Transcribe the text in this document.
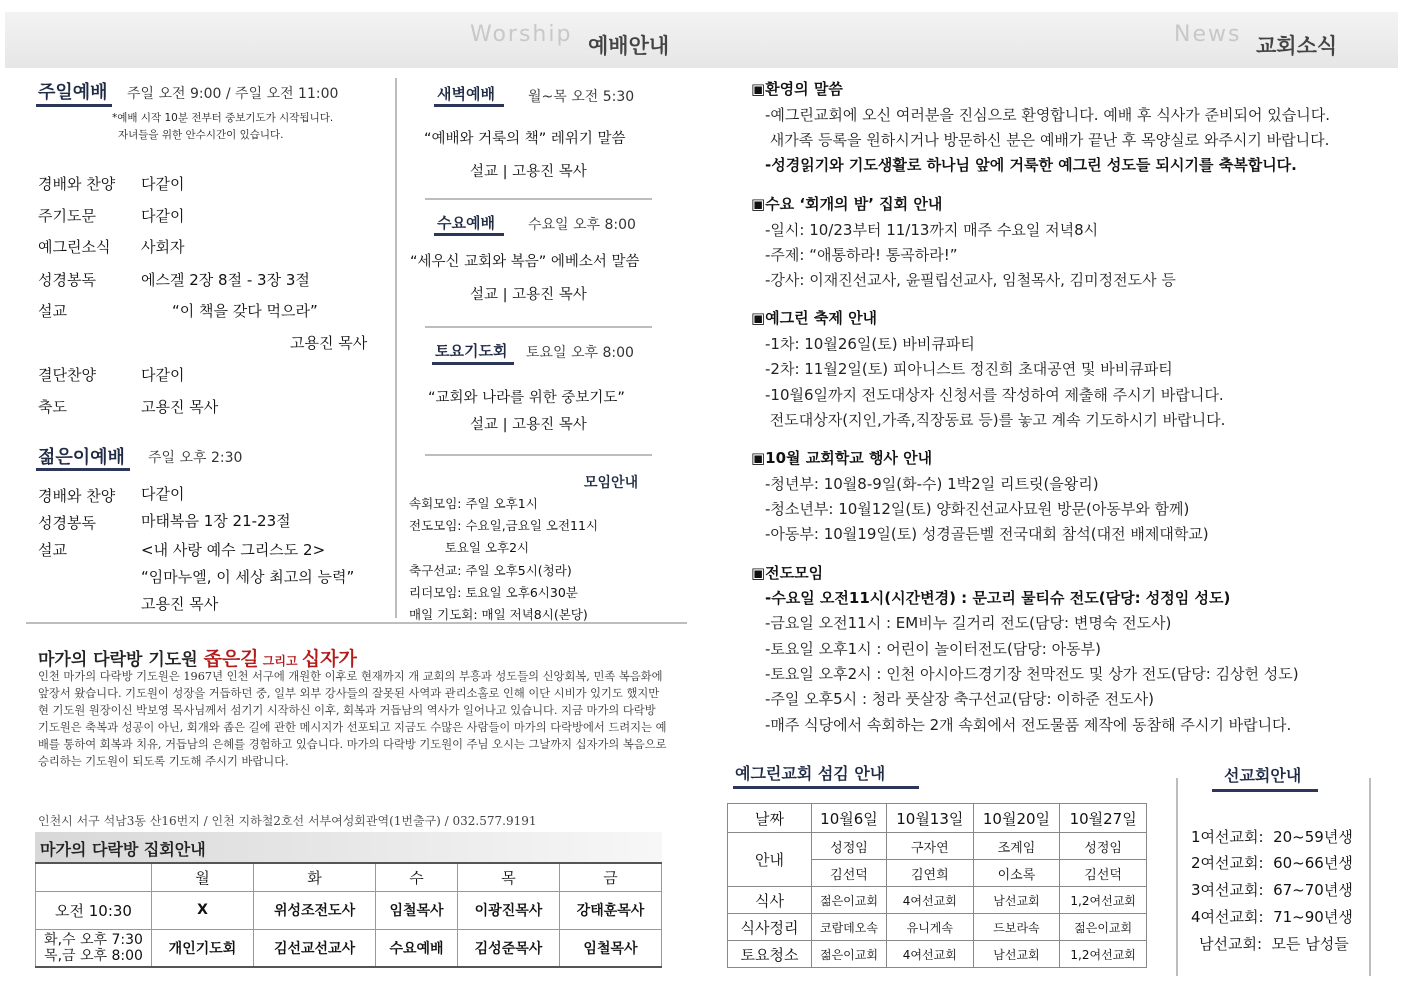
Worship 예배안내	News 교회소식
주일예배 주일 오전 9:00 / 주일 오전 11:00
*예배 시작 10분 전부터 중보기도가 시작됩니다.
자녀들을 위한 안수시간이 있습니다.
경배와 찬양 다같이
주기도문	다같이
예그린소식 사회자
성경봉독	에스겔 2장 8절 - 3장 3절
설교	“이 책을 갖다 먹으라”
고용진 목사
결단찬양	다같이
축도	고용진 목사
젊은이예배 주일 오후 2:30
경배와 찬양 다같이
성경봉독	마태복음 1장 21-23절
설교	<내 사랑 예수 그리스도 2>
“임마누엘, 이 세상 최고의 능력”
고용진 목사
새벽예배 월~목 오전 5:30
“예배와 거룩의 책” 레위기 말씀
설교 | 고용진 목사
수요예배 수요일 오후 8:00
“세우신 교회와 복음” 에베소서 말씀
설교 | 고용진 목사
토요기도회 토요일 오후 8:00
“교회와 나라를 위한 중보기도”
설교 | 고용진 목사
모임안내
속회모임: 주일 오후1시
전도모임: 수요일,금요일 오전11시
토요일 오후2시
축구선교: 주일 오후5시(청라)
리더모임: 토요일 오후6시30분
매일 기도회: 매일 저녁8시(본당)
마가의 다락방 기도원 좁은길 그리고 십자가
인천 마가의 다락방 기도원은 1967년 인천 서구에 개원한 이후로 현재까지 개 교회의 부흥과 성도들의 신앙회복, 민족 복음화에 앞장서 왔습니다. 기도원이 성장을 거듭하던 중, 일부 외부 강사들의 잘못된 사역과 관리소홀로 인해 이단 시비가 있기도 했지만 현 기도원 원장이신 박보영 목사님께서 섬기기 시작하신 이후, 회복과 거듭남의 역사가 일어나고 있습니다. 지금 마가의 다락방 기도원은 축복과 성공이 아닌, 회개와 좁은 길에 관한 메시지가 선포되고 지금도 수많은 사람들이 마가의 다락방에서 드려지는 예배를 통하여 회복과 치유, 거듭남의 은혜를 경험하고 있습니다. 마가의 다락방 기도원이 주님 오시는 그날까지 십자가의 복음으로 승리하는 기도원이 되도록 기도해 주시기 바랍니다.
인천시 서구 석남3동 산16번지 / 인천 지하철2호선 서부여성회관역(1번출구) / 032.577.9191
마가의 다락방 집회안내
	월	화	수	목	금
오전 10:30	X	위성조전도사	임철목사	이광진목사	강태훈목사

화,수 오후 7:30
목,금 오후 8:00	개인기도회	김선교선교사	수요예배	김성준목사	임철목사
▣환영의 말씀
-예그린교회에 오신 여러분을 진심으로 환영합니다. 예배 후 식사가 준비되어 있습니다.
새가족 등록을 원하시거나 방문하신 분은 예배가 끝난 후 목양실로 와주시기 바랍니다.
-성경읽기와 기도생활로 하나님 앞에 거룩한 예그린 성도들 되시기를 축복합니다.
▣수요 ‘회개의 밤’ 집회 안내
-일시: 10/23부터 11/13까지 매주 수요일 저녁8시
-주제: “애통하라! 통곡하라!”
-강사: 이재진선교사, 윤필립선교사, 임철목사, 김미정전도사 등
▣예그린 축제 안내
-1차: 10월26일(토) 바비큐파티
-2차: 11월2일(토) 피아니스트 정진희 초대공연 및 바비큐파티
-10월6일까지 전도대상자 신청서를 작성하여 제출해 주시기 바랍니다.
전도대상자(지인,가족,직장동료 등)를 놓고 계속 기도하시기 바랍니다.
▣10월 교회학교 행사 안내
-청년부: 10월8-9일(화-수) 1박2일 리트릿(을왕리)
-청소년부: 10월12일(토) 양화진선교사묘원 방문(아동부와 함께)
-아동부: 10월19일(토) 성경골든벨 전국대회 참석(대전 배제대학교)
▣전도모임
-수요일 오전11시(시간변경) : 문고리 물티슈 전도(담당: 성정임 성도)
-금요일 오전11시 : EM비누 길거리 전도(담당: 변명숙 전도사)
-토요일 오후1시 : 어린이 놀이터전도(담당: 아동부)
-토요일 오후2시 : 인천 아시아드경기장 천막전도 및 상가 전도(담당: 김상헌 성도)
-주일 오후5시 : 청라 풋살장 축구선교(담당: 이하준 전도사)
-매주 식당에서 속회하는 2개 속회에서 전도물품 제작에 동참해 주시기 바랍니다.
예그린교회 섬김 안내
날짜	10월6일	10월13일	10월20일	10월27일
안내	성정임	구자연	조계임	성정임
	김선덕	김연희	이소록	김선덕
식사	젊은이교회	4여선교회	남선교회	1,2여선교회
식사정리	코람데오속	유니게속	드보라속	젊은이교회
토요청소	젊은이교회	4여선교회	남선교회	1,2여선교회
선교회안내
1여선교회:  20~59년생
2여선교회:  60~66년생
3여선교회:  67~70년생
4여선교회:  71~90년생
남선교회:  모든 남성들
